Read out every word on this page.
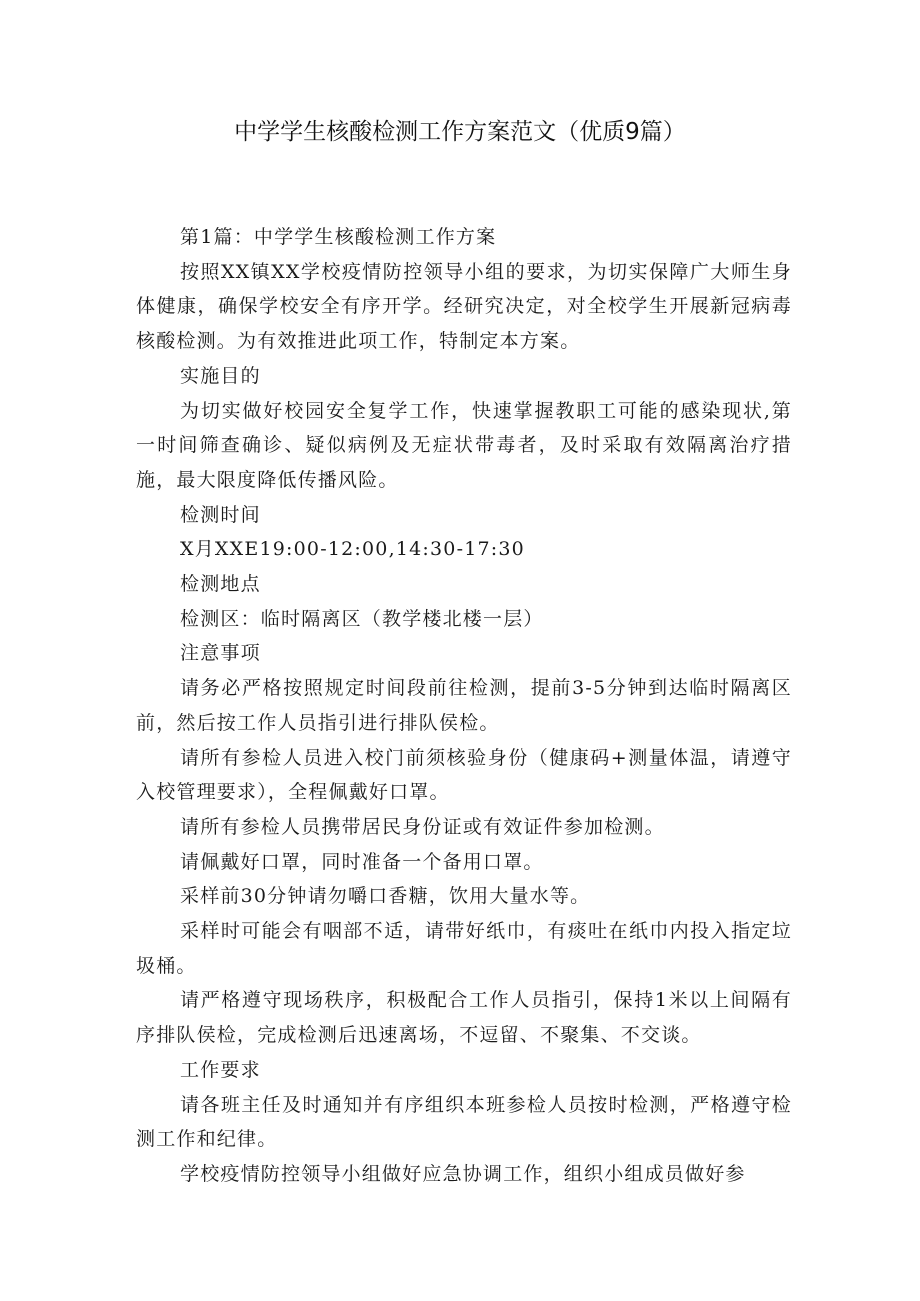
中学学生核酸检测工作方案范文（优质9篇）

第1篇：中学学生核酸检测工作方案

按照XX镇XX学校疫情防控领导小组的要求，为切实保障广大师生身体健康，确保学校安全有序开学。经研究决定，对全校学生开展新冠病毒核酸检测。为有效推进此项工作，特制定本方案。

实施目的

为切实做好校园安全复学工作，快速掌握教职工可能的感染现状,第一时间筛查确诊、疑似病例及无症状带毒者，及时采取有效隔离治疗措施，最大限度降低传播风险。

检测时间

X月XXE19:00-12:00,14:30-17:30

检测地点

检测区：临时隔离区（教学楼北楼一层）

注意事项

请务必严格按照规定时间段前往检测，提前3-5分钟到达临时隔离区前，然后按工作人员指引进行排队侯检。

请所有参检人员进入校门前须核验身份（健康码+测量体温，请遵守入校管理要求），全程佩戴好口罩。

请所有参检人员携带居民身份证或有效证件参加检测。

请佩戴好口罩，同时准备一个备用口罩。

采样前30分钟请勿嚼口香糖，饮用大量水等。

采样时可能会有咽部不适，请带好纸巾，有痰吐在纸巾内投入指定垃圾桶。

请严格遵守现场秩序，积极配合工作人员指引，保持1米以上间隔有序排队侯检，完成检测后迅速离场，不逗留、不聚集、不交谈。

工作要求

请各班主任及时通知并有序组织本班参检人员按时检测，严格遵守检测工作和纪律。

学校疫情防控领导小组做好应急协调工作，组织小组成员做好参
